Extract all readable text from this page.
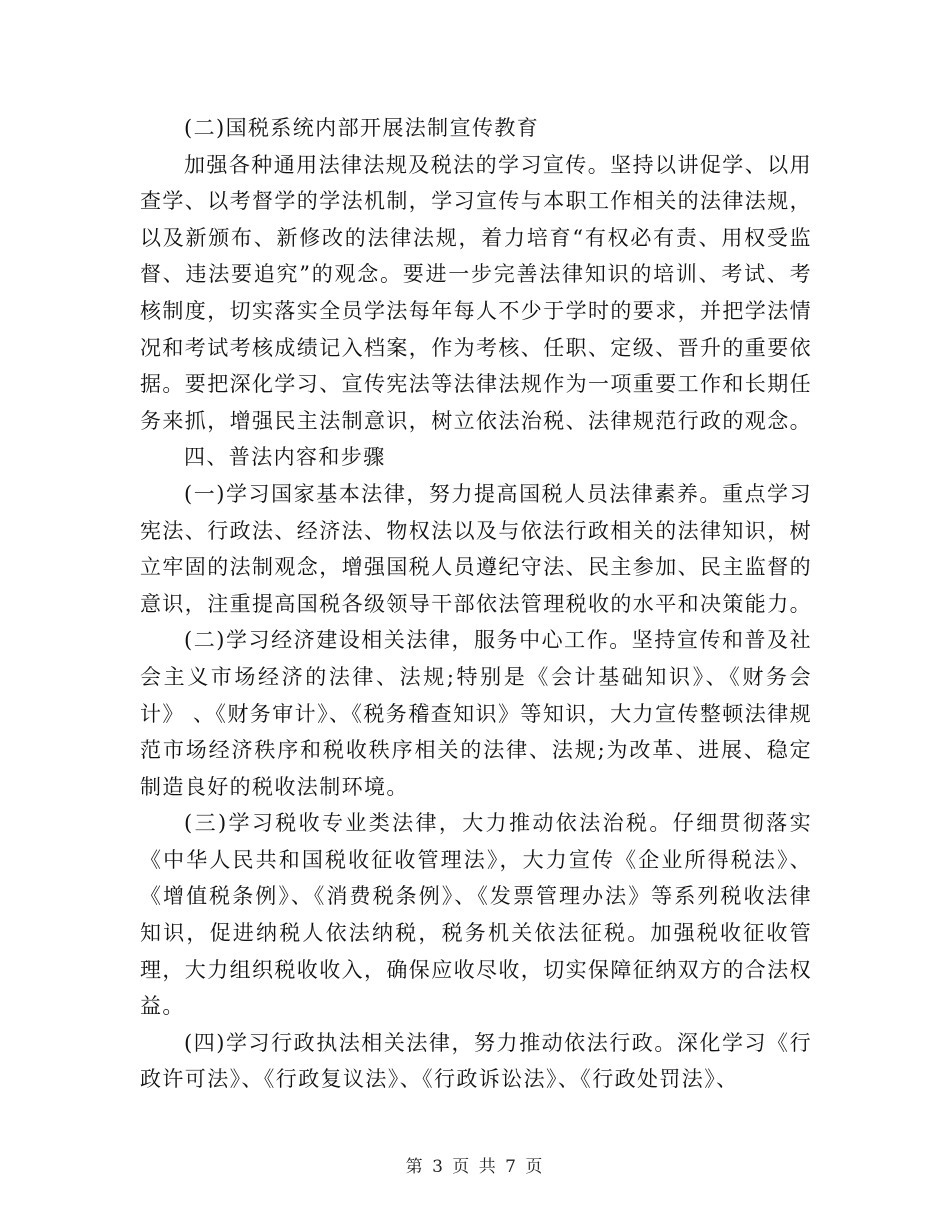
(二)国税系统内部开展法制宣传教育

加强各种通用法律法规及税法的学习宣传。坚持以讲促学、以用查学、以考督学的学法机制，学习宣传与本职工作相关的法律法规，以及新颁布、新修改的法律法规，着力培育“有权必有责、用权受监督、违法要追究”的观念。要进一步完善法律知识的培训、考试、考核制度，切实落实全员学法每年每人不少于学时的要求，并把学法情况和考试考核成绩记入档案，作为考核、任职、定级、晋升的重要依据。要把深化学习、宣传宪法等法律法规作为一项重要工作和长期任务来抓，增强民主法制意识，树立依法治税、法律规范行政的观念。

四、普法内容和步骤

(一)学习国家基本法律，努力提高国税人员法律素养。重点学习宪法、行政法、经济法、物权法以及与依法行政相关的法律知识，树立牢固的法制观念，增强国税人员遵纪守法、民主参加、民主监督的意识，注重提高国税各级领导干部依法管理税收的水平和决策能力。

(二)学习经济建设相关法律，服务中心工作。坚持宣传和普及社会主义市场经济的法律、法规;特别是《会计基础知识》、《财务会计》 、《财务审计》、《税务稽查知识》等知识，大力宣传整顿法律规范市场经济秩序和税收秩序相关的法律、法规;为改革、进展、稳定制造良好的税收法制环境。

(三)学习税收专业类法律，大力推动依法治税。仔细贯彻落实《中华人民共和国税收征收管理法》，大力宣传《企业所得税法》、《增值税条例》、《消费税条例》、《发票管理办法》等系列税收法律知识，促进纳税人依法纳税，税务机关依法征税。加强税收征收管理，大力组织税收收入，确保应收尽收，切实保障征纳双方的合法权益。

(四)学习行政执法相关法律，努力推动依法行政。深化学习《行政许可法》、《行政复议法》、《行政诉讼法》、《行政处罚法》、

第 3 页 共 7 页
